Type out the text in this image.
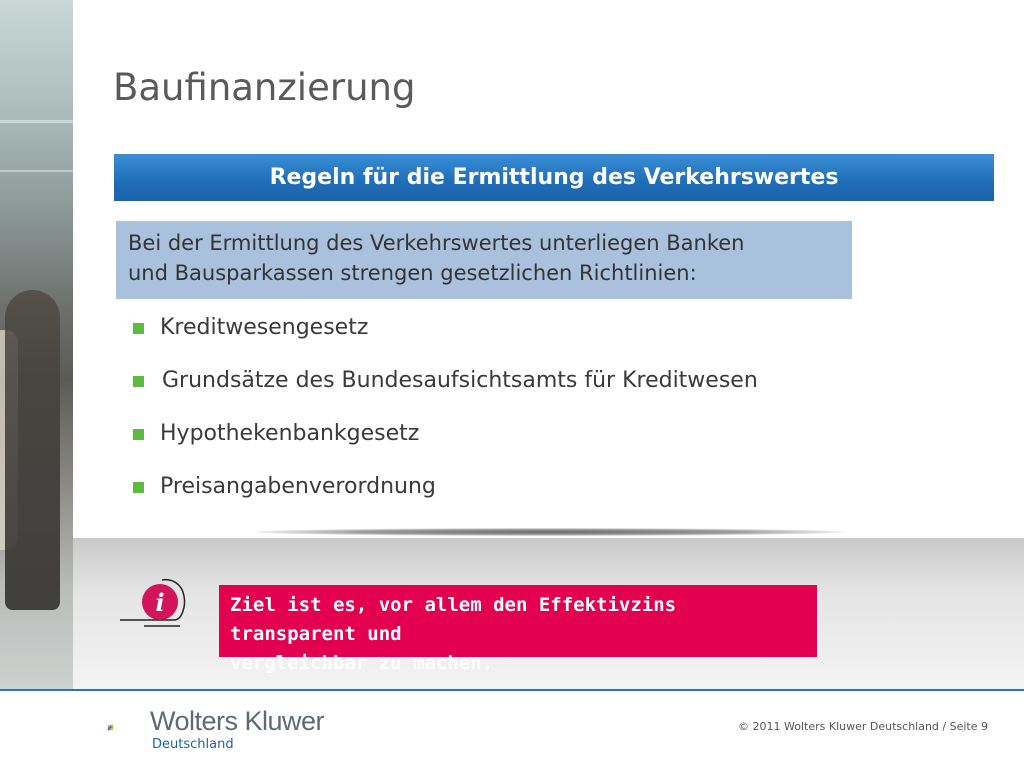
Baufinanzierung
Regeln für die Ermittlung des Verkehrswertes
Bei der Ermittlung des Verkehrswertes unterliegen Banken
und Bausparkassen strengen gesetzlichen Richtlinien:
Kreditwesengesetz
Grundsätze des Bundesaufsichtsamts für Kreditwesen
Hypothekenbankgesetz
Preisangabenverordnung
i	Ziel ist es, vor allem den Effektivzins transparent und
vergleichbar zu machen.
Wolters Kluwer
Deutschland
© 2011 Wolters Kluwer Deutschland / Seite 9
